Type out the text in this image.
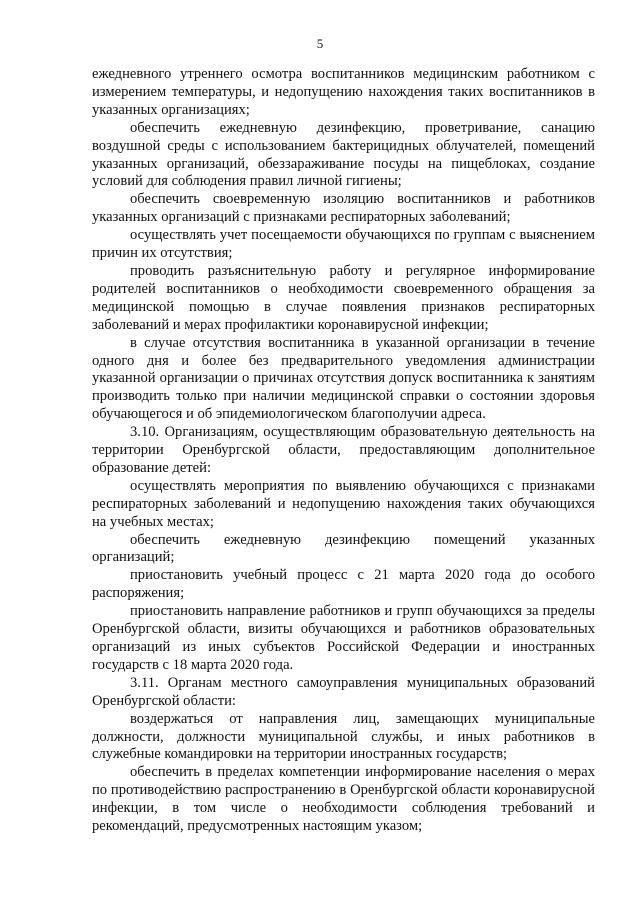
5

ежедневного утреннего осмотра воспитанников медицинским работником с измерением температуры, и недопущению нахождения таких воспитанников в указанных организациях;

обеспечить ежедневную дезинфекцию, проветривание, санацию воздушной среды с использованием бактерицидных облучателей, помещений указанных организаций, обеззараживание посуды на пищеблоках, создание условий для соблюдения правил личной гигиены;

обеспечить своевременную изоляцию воспитанников и работников указанных организаций с признаками респираторных заболеваний;

осуществлять учет посещаемости обучающихся по группам с выяснением причин их отсутствия;

проводить разъяснительную работу и регулярное информирование родителей воспитанников о необходимости своевременного обращения за медицинской помощью в случае появления признаков респираторных заболеваний и мерах профилактики коронавирусной инфекции;

в случае отсутствия воспитанника в указанной организации в течение одного дня и более без предварительного уведомления администрации указанной организации о причинах отсутствия допуск воспитанника к занятиям производить только при наличии медицинской справки о состоянии здоровья обучающегося и об эпидемиологическом благополучии адреса.

3.10. Организациям, осуществляющим образовательную деятельность на территории Оренбургской области, предоставляющим дополнительное образование детей:

осуществлять мероприятия по выявлению обучающихся с признаками респираторных заболеваний и недопущению нахождения таких обучающихся на учебных местах;

обеспечить ежедневную дезинфекцию помещений указанных организаций;

приостановить учебный процесс с 21 марта 2020 года до особого распоряжения;

приостановить направление работников и групп обучающихся за пределы Оренбургской области, визиты обучающихся и работников образовательных организаций из иных субъектов Российской Федерации и иностранных государств с 18 марта 2020 года.

3.11. Органам местного самоуправления муниципальных образований Оренбургской области:

воздержаться от направления лиц, замещающих муниципальные должности, должности муниципальной службы, и иных работников в служебные командировки на территории иностранных государств;

обеспечить в пределах компетенции информирование населения о мерах по противодействию распространению в Оренбургской области коронавирусной инфекции, в том числе о необходимости соблюдения требований и рекомендаций, предусмотренных настоящим указом;
